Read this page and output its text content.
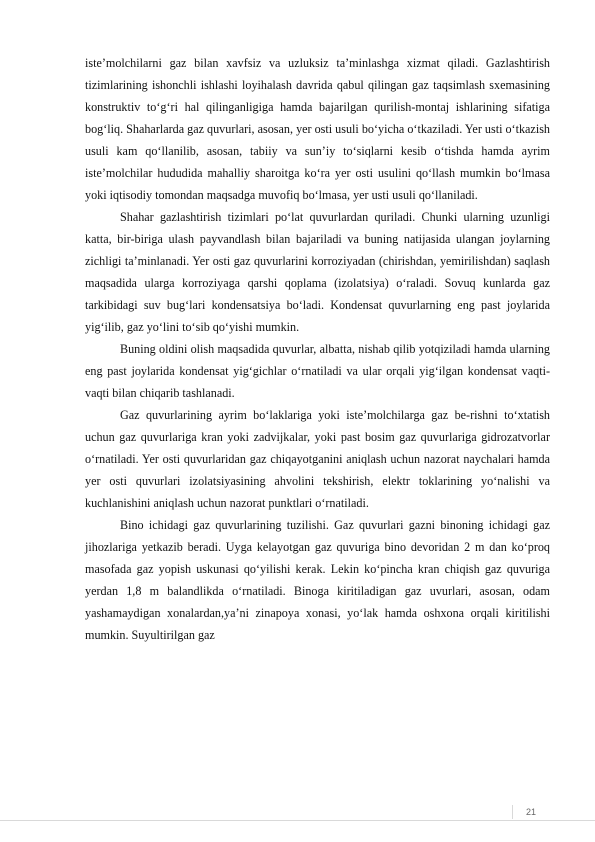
iste’molchilarni gaz bilan xavfsiz va uzluksiz ta’minlashga xizmat qiladi. Gazlashtirish tizimlarining ishonchli ishlashi loyihalash davrida qabul qilingan gaz taqsimlash sxemasining konstruktiv to‘g‘ri hal qilinganligiga hamda bajarilgan qurilish-montaj ishlarining sifatiga bog‘liq. Shaharlarda gaz quvurlari, asosan, yer osti usuli bo‘yicha o‘tkaziladi. Yer usti o‘tkazish usuli kam qo‘llanilib, asosan, tabiiy va sun’iy to‘siqlarni kesib o‘tishda hamda ayrim iste’molchilar hududida mahalliy sharoitga ko‘ra yer osti usulini qo‘llash mumkin bo‘lmasa yoki iqtisodiy tomondan maqsadga muvofiq bo‘lmasa, yer usti usuli qo‘llaniladi.

Shahar gazlashtirish tizimlari po‘lat quvurlardan quriladi. Chunki ularning uzunligi katta, bir-biriga ulash payvandlash bilan bajariladi va buning natijasida ulangan joylarning zichligi ta’minlanadi. Yer osti gaz quvurlarini korroziyadan (chirishdan, yemirilishdan) saqlash maqsadida ularga korroziyaga qarshi qoplama (izolatsiya) o‘raladi. Sovuq kunlarda gaz tarkibidagi suv bug‘lari kondensatsiya bo‘ladi. Kondensat quvurlarning eng past joylarida yig‘ilib, gaz yo‘lini to‘sib qo‘yishi mumkin.

Buning oldini olish maqsadida quvurlar, albatta, nishab qilib yotqiziladi hamda ularning eng past joylarida kondensat yig‘gichlar o‘rnatiladi va ular orqali yig‘ilgan kondensat vaqti-vaqti bilan chiqarib tashlanadi.

Gaz quvurlarining ayrim bo‘laklariga yoki iste’molchilarga gaz be-rishni to‘xtatish uchun gaz quvurlariga kran yoki zadvijkalar, yoki past bosim gaz quvurlariga gidrozatvorlar o‘rnatiladi. Yer osti quvurlaridan gaz chiqayotganini aniqlash uchun nazorat naychalari hamda yer osti quvurlari izolatsiyasining ahvolini tekshirish, elektr toklarining yo‘nalishi va kuchlanishini aniqlash uchun nazorat punktlari o‘rnatiladi.

Bino ichidagi gaz quvurlarining tuzilishi. Gaz quvurlari gazni binoning ichidagi gaz jihozlariga yetkazib beradi. Uyga kelayotgan gaz quvuriga bino devoridan 2 m dan ko‘proq masofada gaz yopish uskunasi qo‘yilishi kerak. Lekin ko‘pincha kran chiqish gaz quvuriga yerdan 1,8 m balandlikda o‘rnatiladi. Binoga kiritiladigan gaz uvurlari, asosan, odam yashamaydigan xonalardan,ya’ni zinapoya xonasi, yo‘lak hamda oshxona orqali kiritilishi mumkin. Suyultirilgan gaz

21
